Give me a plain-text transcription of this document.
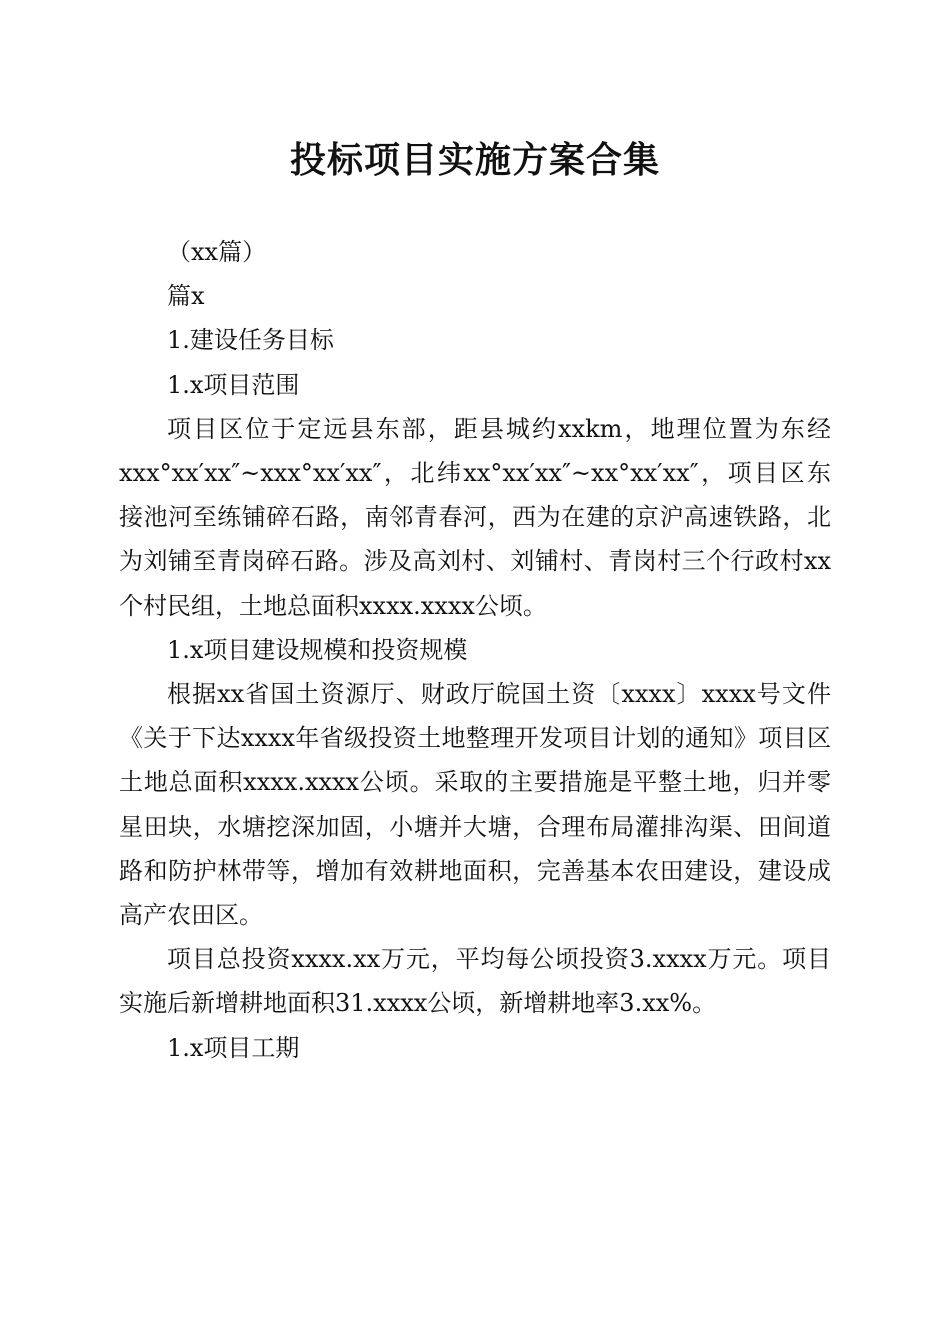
投标项目实施方案合集

（xx篇）

篇x

1.建设任务目标

1.x项目范围

项目区位于定远县东部，距县城约xxkm，地理位置为东经xxx°xx′xx″~xxx°xx′xx″，北纬xx°xx′xx″~xx°xx′xx″，项目区东接池河至练铺碎石路，南邻青春河，西为在建的京沪高速铁路，北为刘铺至青岗碎石路。涉及高刘村、刘铺村、青岗村三个行政村xx个村民组，土地总面积xxxx.xxxx公顷。

1.x项目建设规模和投资规模

根据xx省国土资源厅、财政厅皖国土资〔xxxx〕xxxx号文件《关于下达xxxx年省级投资土地整理开发项目计划的通知》项目区土地总面积xxxx.xxxx公顷。采取的主要措施是平整土地，归并零星田块，水塘挖深加固，小塘并大塘，合理布局灌排沟渠、田间道路和防护林带等，增加有效耕地面积，完善基本农田建设，建设成高产农田区。

项目总投资xxxx.xx万元，平均每公顷投资3.xxxx万元。项目实施后新增耕地面积31.xxxx公顷，新增耕地率3.xx%。

1.x项目工期
